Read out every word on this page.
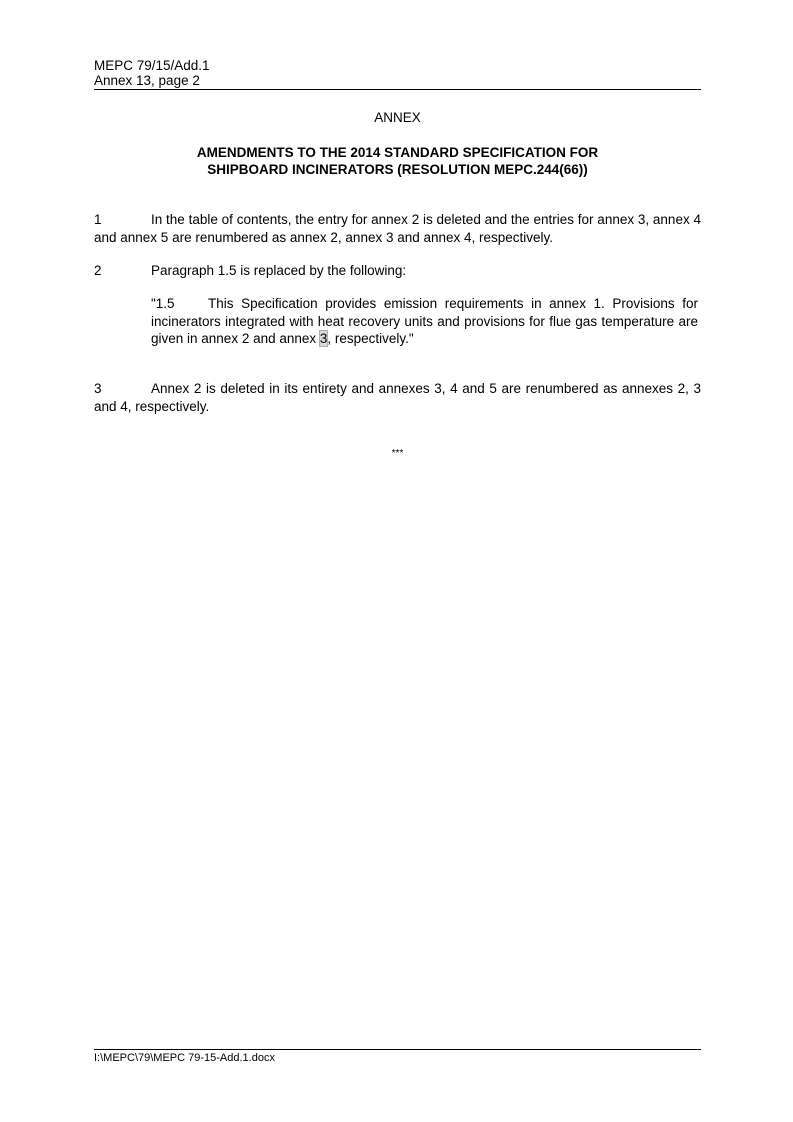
MEPC 79/15/Add.1
Annex 13, page 2
ANNEX
AMENDMENTS TO THE 2014 STANDARD SPECIFICATION FOR
SHIPBOARD INCINERATORS (RESOLUTION MEPC.244(66))
1	In the table of contents, the entry for annex 2 is deleted and the entries for annex 3, annex 4 and annex 5 are renumbered as annex 2, annex 3 and annex 4, respectively.
2	Paragraph 1.5 is replaced by the following:
"1.5 This Specification provides emission requirements in annex 1. Provisions for incinerators integrated with heat recovery units and provisions for flue gas temperature are given in annex 2 and annex 3, respectively."
3	Annex 2 is deleted in its entirety and annexes 3, 4 and 5 are renumbered as annexes 2, 3 and 4, respectively.
***
I:\MEPC\79\MEPC 79-15-Add.1.docx
